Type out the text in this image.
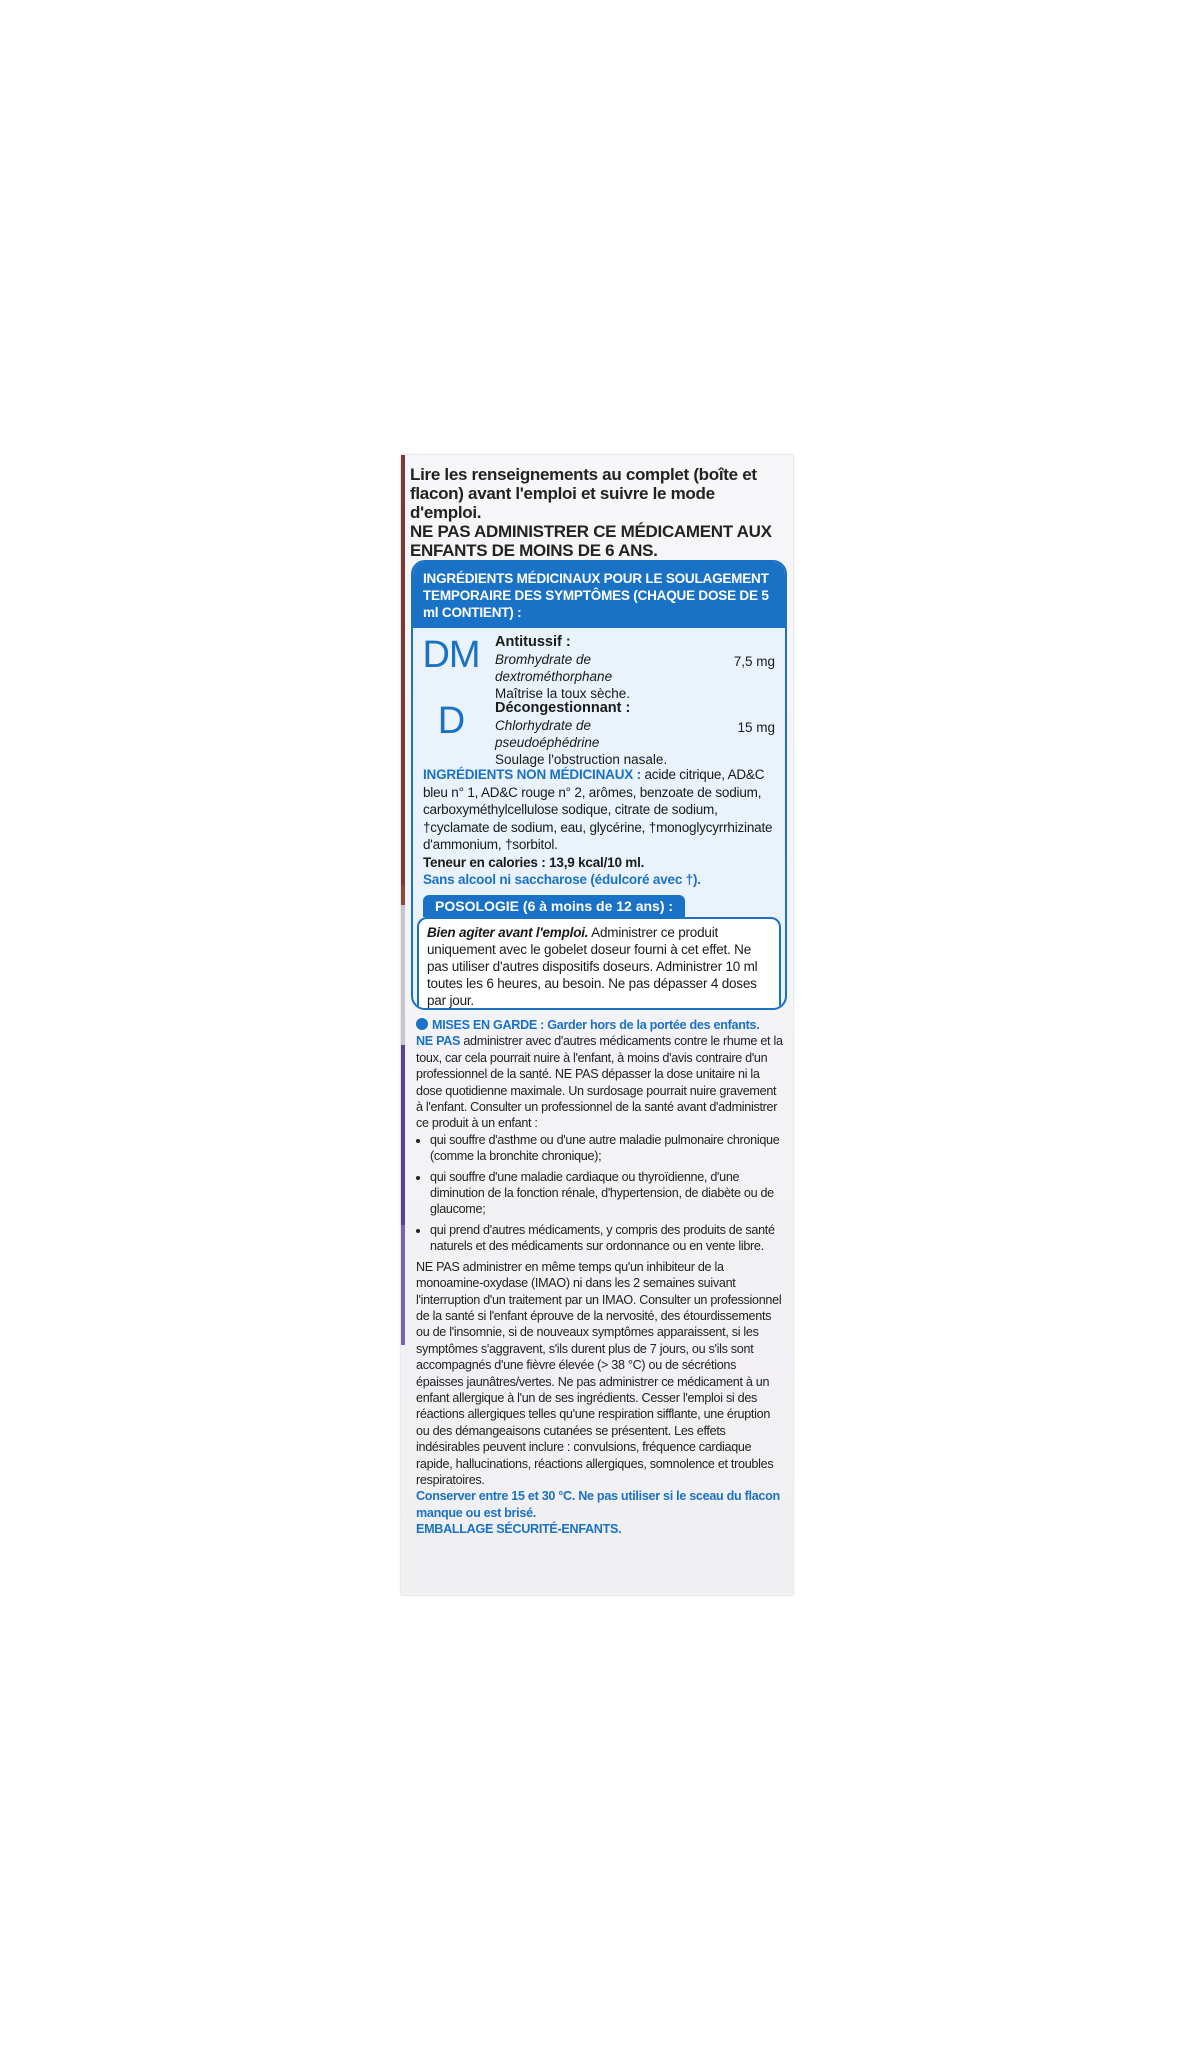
Lire les renseignements au complet (boîte et flacon) avant l'emploi et suivre le mode d'emploi.

NE PAS ADMINISTRER CE MÉDICAMENT AUX ENFANTS DE MOINS DE 6 ANS.

INGRÉDIENTS MÉDICINAUX POUR LE SOULAGEMENT TEMPORAIRE DES SYMPTÔMES (CHAQUE DOSE DE 5 ml CONTIENT) :
DM Antitussif :
Bromhydrate de dextrométhorphane
Maîtrise la toux sèche.
7,5 mg
D	Décongestionnant :
Chlorhydrate de pseudoéphédrine
Soulage l'obstruction nasale.
15 mg
INGRÉDIENTS NON MÉDICINAUX : acide citrique, AD&C bleu n° 1, AD&C rouge n° 2, arômes, benzoate de sodium, carboxyméthylcellulose sodique, citrate de sodium, †cyclamate de sodium, eau, glycérine, †monoglycyrrhizinate d'ammonium, †sorbitol.
Teneur en calories : 13,9 kcal/10 ml.
Sans alcool ni saccharose (édulcoré avec †).
POSOLOGIE (6 à moins de 12 ans) :
Bien agiter avant l'emploi. Administrer ce produit uniquement avec le gobelet doseur fourni à cet effet. Ne pas utiliser d'autres dispositifs doseurs. Administrer 10 ml toutes les 6 heures, au besoin. Ne pas dépasser 4 doses par jour.

MISES EN GARDE : Garder hors de la portée des enfants.

NE PAS administrer avec d'autres médicaments contre le rhume et la toux, car cela pourrait nuire à l'enfant, à moins d'avis contraire d'un professionnel de la santé. NE PAS dépasser la dose unitaire ni la dose quotidienne maximale. Un surdosage pourrait nuire gravement à l'enfant. Consulter un professionnel de la santé avant d'administrer ce produit à un enfant :

• qui souffre d'asthme ou d'une autre maladie pulmonaire chronique (comme la bronchite chronique);
• qui souffre d'une maladie cardiaque ou thyroïdienne, d'une diminution de la fonction rénale, d'hypertension, de diabète ou de glaucome;
• qui prend d'autres médicaments, y compris des produits de santé naturels et des médicaments sur ordonnance ou en vente libre.

NE PAS administrer en même temps qu'un inhibiteur de la monoamine-oxydase (IMAO) ni dans les 2 semaines suivant l'interruption d'un traitement par un IMAO. Consulter un professionnel de la santé si l'enfant éprouve de la nervosité, des étourdissements ou de l'insomnie, si de nouveaux symptômes apparaissent, si les symptômes s'aggravent, s'ils durent plus de 7 jours, ou s'ils sont accompagnés d'une fièvre élevée (> 38 °C) ou de sécrétions épaisses jaunâtres/vertes. Ne pas administrer ce médicament à un enfant allergique à l'un de ses ingrédients. Cesser l'emploi si des réactions allergiques telles qu'une respiration sifflante, une éruption ou des démangeaisons cutanées se présentent. Les effets indésirables peuvent inclure : convulsions, fréquence cardiaque rapide, hallucinations, réactions allergiques, somnolence et troubles respiratoires.

Conserver entre 15 et 30 °C. Ne pas utiliser si le sceau du flacon manque ou est brisé.

EMBALLAGE SÉCURITÉ-ENFANTS.
